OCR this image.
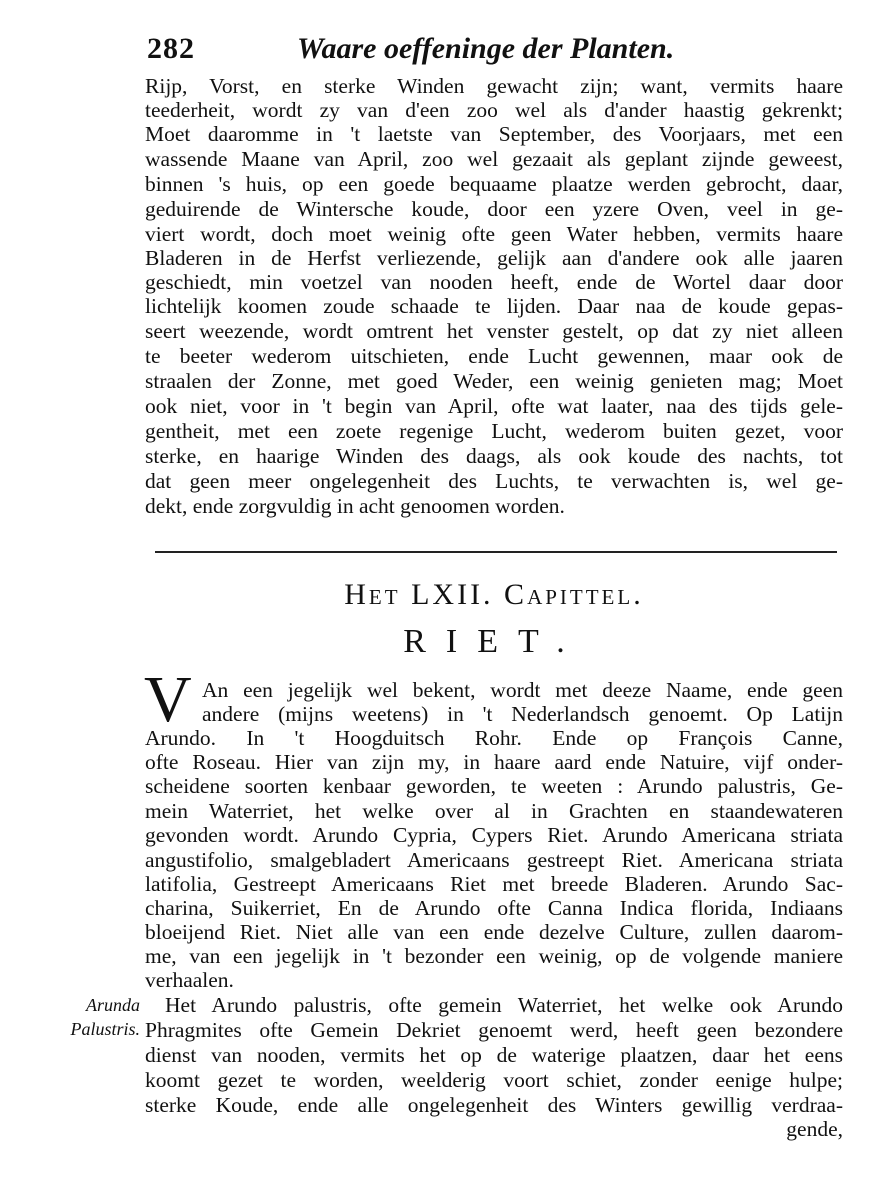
282	Waare oeffeninge der Planten.
Rijp, Vorst, en sterke Winden gewacht zijn; want, vermits haare
teederheit, wordt zy van d'een zoo wel als d'ander haastig gekrenkt;
Moet daaromme in 't laetste van September, des Voorjaars, met een
wassende Maane van April, zoo wel gezaait als geplant zijnde geweest,
binnen 's huis, op een goede bequaame plaatze werden gebrocht, daar,
geduirende de Wintersche koude, door een yzere Oven, veel in ge-
viert wordt, doch moet weinig ofte geen Water hebben, vermits haare
Bladeren in de Herfst verliezende, gelijk aan d'andere ook alle jaaren
geschiedt, min voetzel van nooden heeft, ende de Wortel daar door
lichtelijk koomen zoude schaade te lijden. Daar naa de koude gepas-
seert weezende, wordt omtrent het venster gestelt, op dat zy niet alleen
te beeter wederom uitschieten, ende Lucht gewennen, maar ook de
straalen der Zonne, met goed Weder, een weinig genieten mag; Moet
ook niet, voor in 't begin van April, ofte wat laater, naa des tijds gele-
gentheit, met een zoete regenige Lucht, wederom buiten gezet, voor
sterke, en haarige Winden des daags, als ook koude des nachts, tot
dat geen meer ongelegenheit des Luchts, te verwachten is, wel ge-
dekt, ende zorgvuldig in acht genoomen worden.
Het LXII. Capittel.
RIET.
V An een jegelijk wel bekent, wordt met deeze Naame, ende geen
andere (mijns weetens) in 't Nederlandsch genoemt. Op Latijn
Arundo. In 't Hoogduitsch Rohr. Ende op François Canne,
ofte Roseau. Hier van zijn my, in haare aard ende Natuire, vijf onder-
scheidene soorten kenbaar geworden, te weeten : Arundo palustris, Ge-
mein Waterriet, het welke over al in Grachten en staandewateren
gevonden wordt. Arundo Cypria, Cypers Riet. Arundo Americana striata
angustifolio, smalgebladert Americaans gestreept Riet. Americana striata
latifolia, Gestreept Americaans Riet met breede Bladeren. Arundo Sac-
charina, Suikerriet, En de Arundo ofte Canna Indica florida, Indiaans
bloeijend Riet. Niet alle van een ende dezelve Culture, zullen daarom-
me, van een jegelijk in 't bezonder een weinig, op de volgende maniere
verhaalen.
Het Arundo palustris, ofte gemein Waterriet, het welke ook Arundo
Phragmites ofte Gemein Dekriet genoemt werd, heeft geen bezondere
dienst van nooden, vermits het op de waterige plaatzen, daar het eens
koomt gezet te worden, weelderig voort schiet, zonder eenige hulpe;
sterke Koude, ende alle ongelegenheit des Winters gewillig verdraa-
gende,
Arunda
Palustris.
